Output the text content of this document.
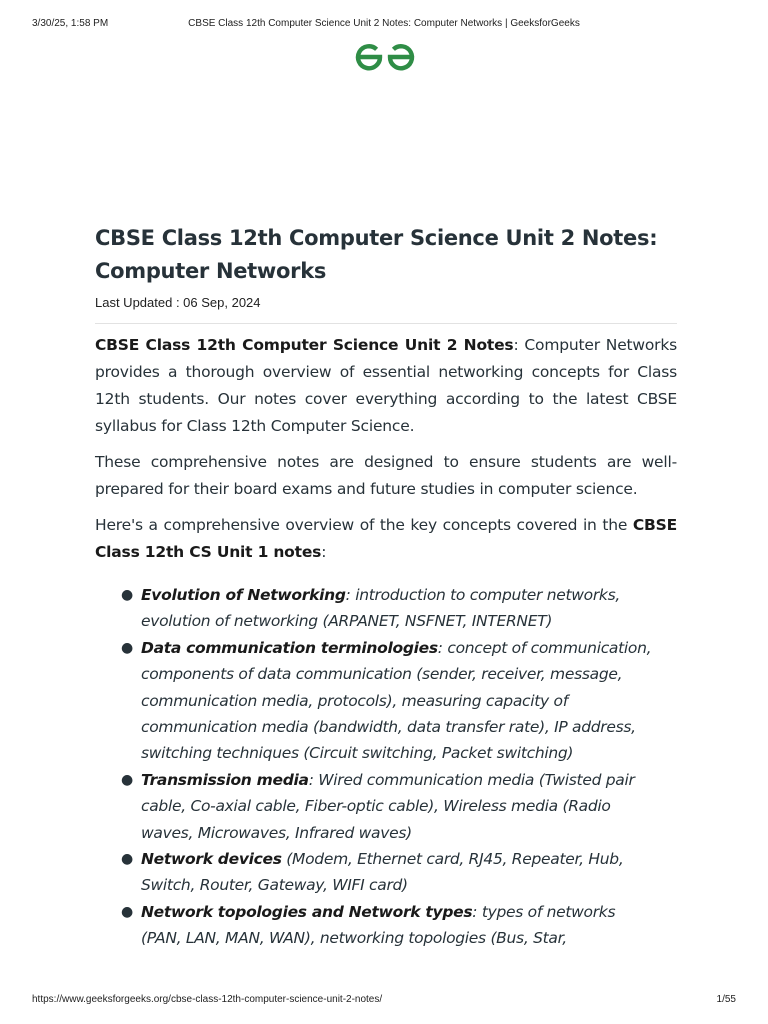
3/30/25, 1:58 PM	CBSE Class 12th Computer Science Unit 2 Notes: Computer Networks | GeeksforGeeks
CBSE Class 12th Computer Science Unit 2 Notes:
Computer Networks
Last Updated : 06 Sep, 2024

CBSE Class 12th Computer Science Unit 2 Notes: Computer Networks provides a thorough overview of essential networking concepts for Class 12th students. Our notes cover everything according to the latest CBSE syllabus for Class 12th Computer Science.

These comprehensive notes are designed to ensure students are well-prepared for their board exams and future studies in computer science.

Here's a comprehensive overview of the key concepts covered in the CBSE Class 12th CS Unit 1 notes:

● Evolution of Networking: introduction to computer networks, evolution of networking (ARPANET, NSFNET, INTERNET)
● Data communication terminologies: concept of communication, components of data communication (sender, receiver, message, communication media, protocols), measuring capacity of communication media (bandwidth, data transfer rate), IP address, switching techniques (Circuit switching, Packet switching)
● Transmission media: Wired communication media (Twisted pair cable, Co-axial cable, Fiber-optic cable), Wireless media (Radio waves, Microwaves, Infrared waves)
● Network devices (Modem, Ethernet card, RJ45, Repeater, Hub, Switch, Router, Gateway, WIFI card)
● Network topologies and Network types: types of networks (PAN, LAN, MAN, WAN), networking topologies (Bus, Star,
https://www.geeksforgeeks.org/cbse-class-12th-computer-science-unit-2-notes/	1/55
